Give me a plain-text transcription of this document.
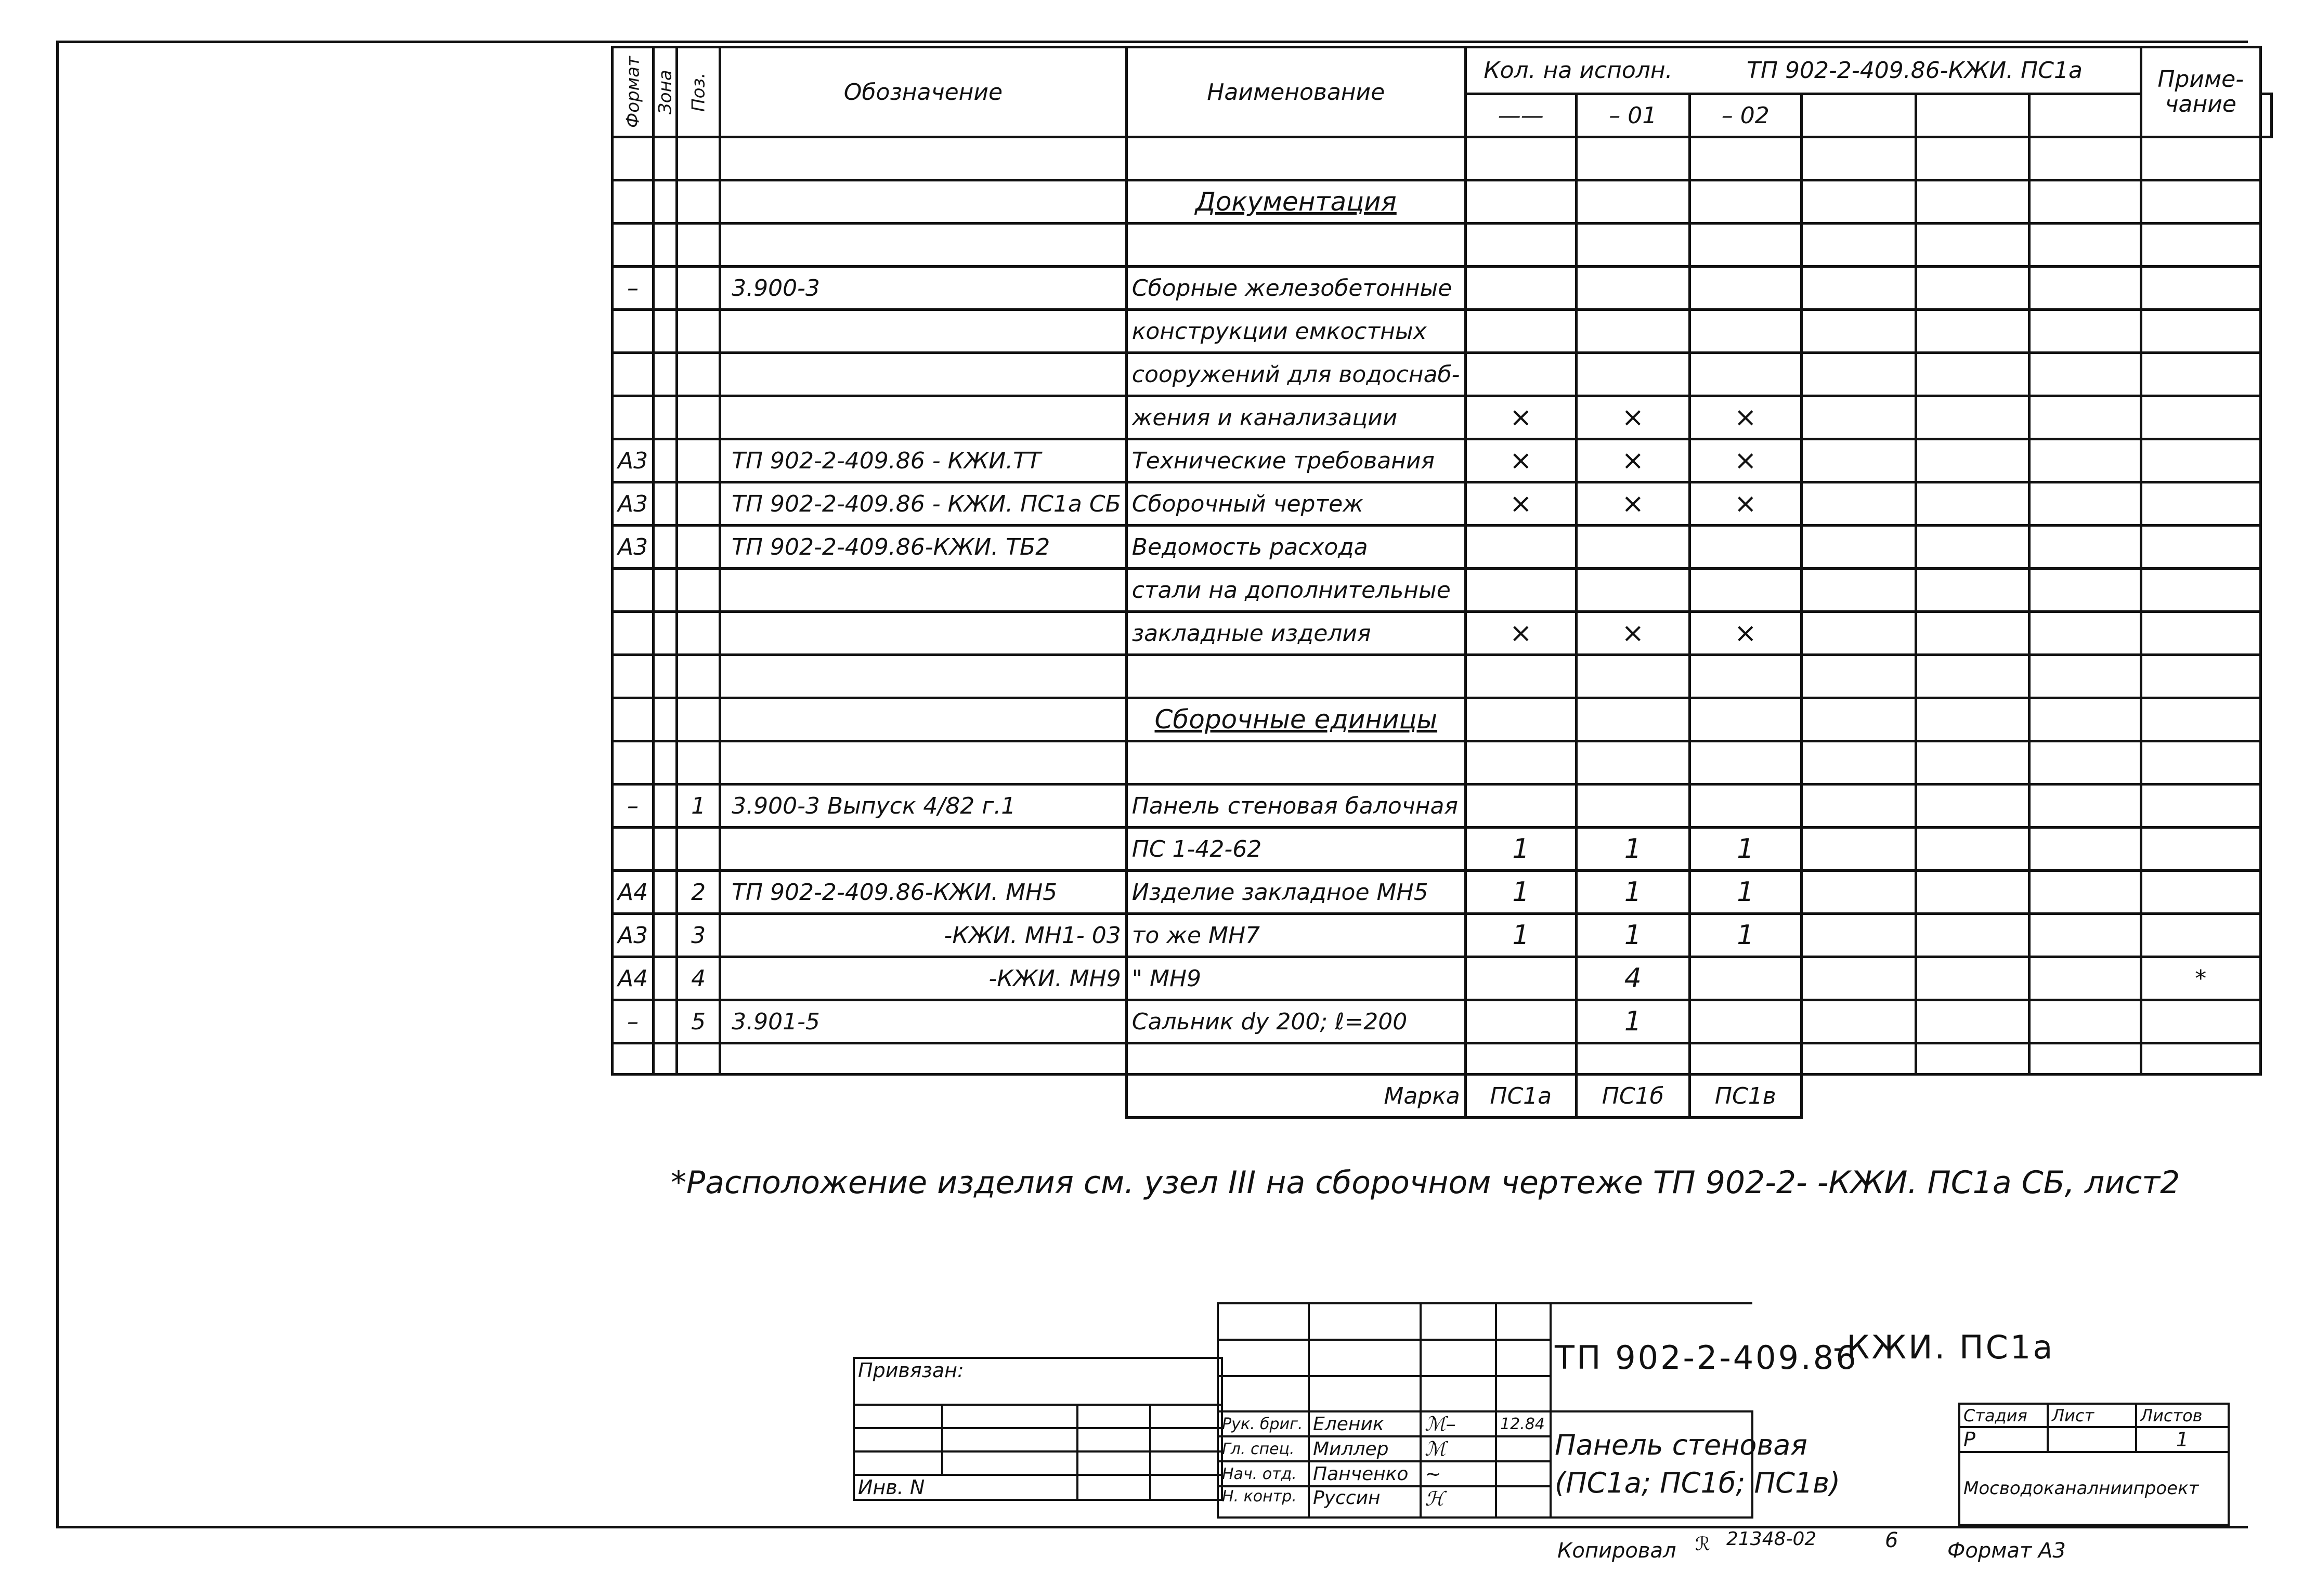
Формат	Зона	Поз.	Обозначение	Наименование	Кол. на исполн.		ТП 902-2-409.86-КЖИ. ПС1а				Приме-
чание	
					——	– 01	– 02					

				Документация								

–			3.900-3	Сборные железобетонные								
				конструкции емкостных								
				сооружений для водоснаб-								
				жения и канализации	×	×	×					
А3			ТП 902-2-409.86 - КЖИ.ТТ	Технические требования	×	×	×					
А3			ТП 902-2-409.86 - КЖИ. ПС1а СБ	Сборочный чертеж	×	×	×					
А3			ТП 902-2-409.86-КЖИ. ТБ2	Ведомость расхода								
				стали на дополнительные								
				закладные изделия	×	×	×					

				Сборочные единицы								

–		1	3.900-3 Выпуск 4/82 г.1	Панель стеновая балочная								
				ПС 1-42-62	1	1	1					
А4		2	ТП 902-2-409.86-КЖИ. МН5	Изделие закладное МН5	1	1	1					
А3		3	-КЖИ. МН1- 03	то же МН7	1	1	1					
А4		4	-КЖИ. МН9	" МН9		4					*	
–		5	3.901-5	Сальник dy 200; ℓ=200		1						

				Марка	ПС1а	ПС1б	ПС1в					
*Расположение изделия см. узел III на сборочном чертеже ТП 902-2- -КЖИ. ПС1а СБ, лист2
Привязан:			

Инв. N			
				ТП 902-2-409.86

Рук. бриг.	Еленик	ℳ–	12.84	Панель стеновая
(ПС1а; ПС1б; ПС1в)

Гл. спец.	Миллер	ℳ		
Нач. отд.	Панченко	∼		
Н. контр.	Руссин	ℋ		
-КЖИ. ПС1а
Стадия	Лист	Листов
Р		1
Мосводоканалниипроект		
Копировал ℛ 21348-02	6 Формат А3
